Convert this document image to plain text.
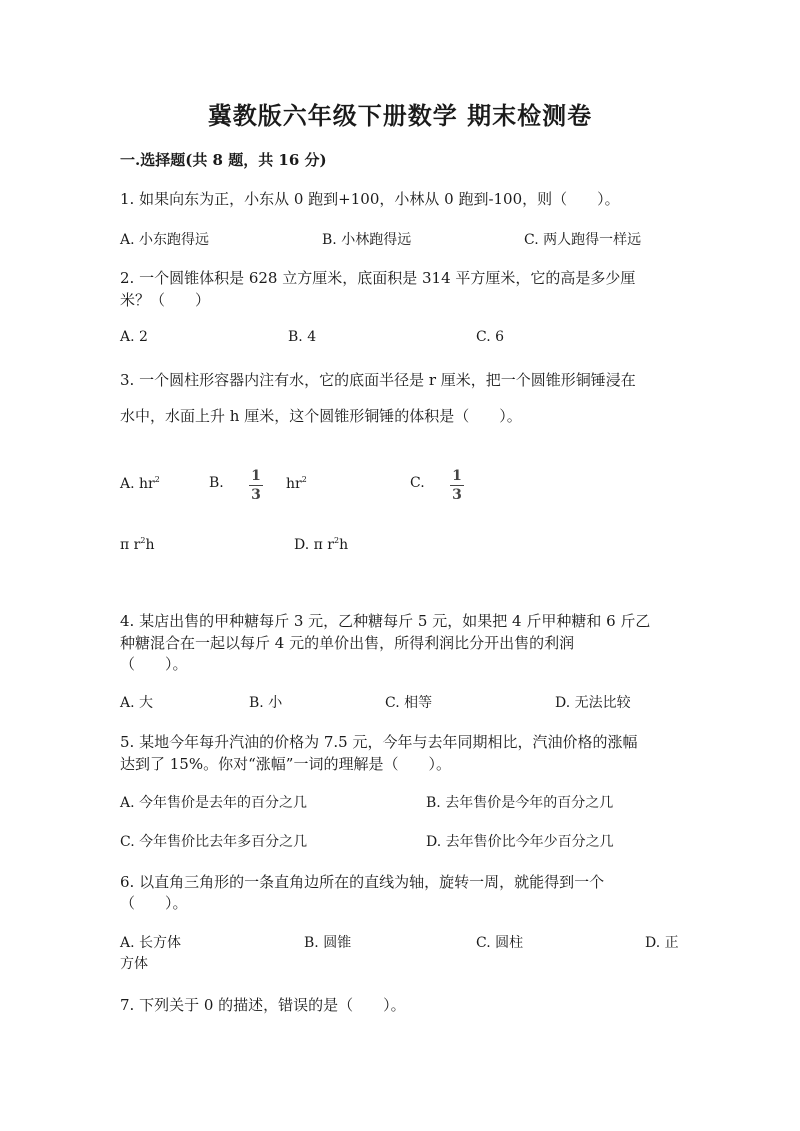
冀教版六年级下册数学 期末检测卷
一.选择题(共 8 题，共 16 分)
1. 如果向东为正，小东从 0 跑到+100，小林从 0 跑到-100，则（　　）。
A. 小东跑得远	B. 小林跑得远	C. 两人跑得一样远
2. 一个圆锥体积是 628 立方厘米，底面积是 314 平方厘米，它的高是多少厘
米？（　　）
A. 2	B. 4	C. 6
3. 一个圆柱形容器内注有水，它的底面半径是 r 厘米，把一个圆锥形铜锤浸在
水中，水面上升 h 厘米，这个圆锥形铜锤的体积是（　　）。
A. $hr^2$	B. 1
3
$hr^2$	C. 1
3
π $r^2h$	D. π $r^2h$
4. 某店出售的甲种糖每斤 3 元，乙种糖每斤 5 元，如果把 4 斤甲种糖和 6 斤乙
种糖混合在一起以每斤 4 元的单价出售，所得利润比分开出售的利润
（　　）。
A. 大	B. 小	C. 相等	D. 无法比较
5. 某地今年每升汽油的价格为 7.5 元，今年与去年同期相比，汽油价格的涨幅
达到了 15%。你对“涨幅”一词的理解是（　　）。
A. 今年售价是去年的百分之几	B. 去年售价是今年的百分之几
C. 今年售价比去年多百分之几	D. 去年售价比今年少百分之几
6. 以直角三角形的一条直角边所在的直线为轴，旋转一周，就能得到一个
（　　）。
A. 长方体	B. 圆锥	C. 圆柱	D. 正
方体
7. 下列关于 0 的描述，错误的是（　　）。
